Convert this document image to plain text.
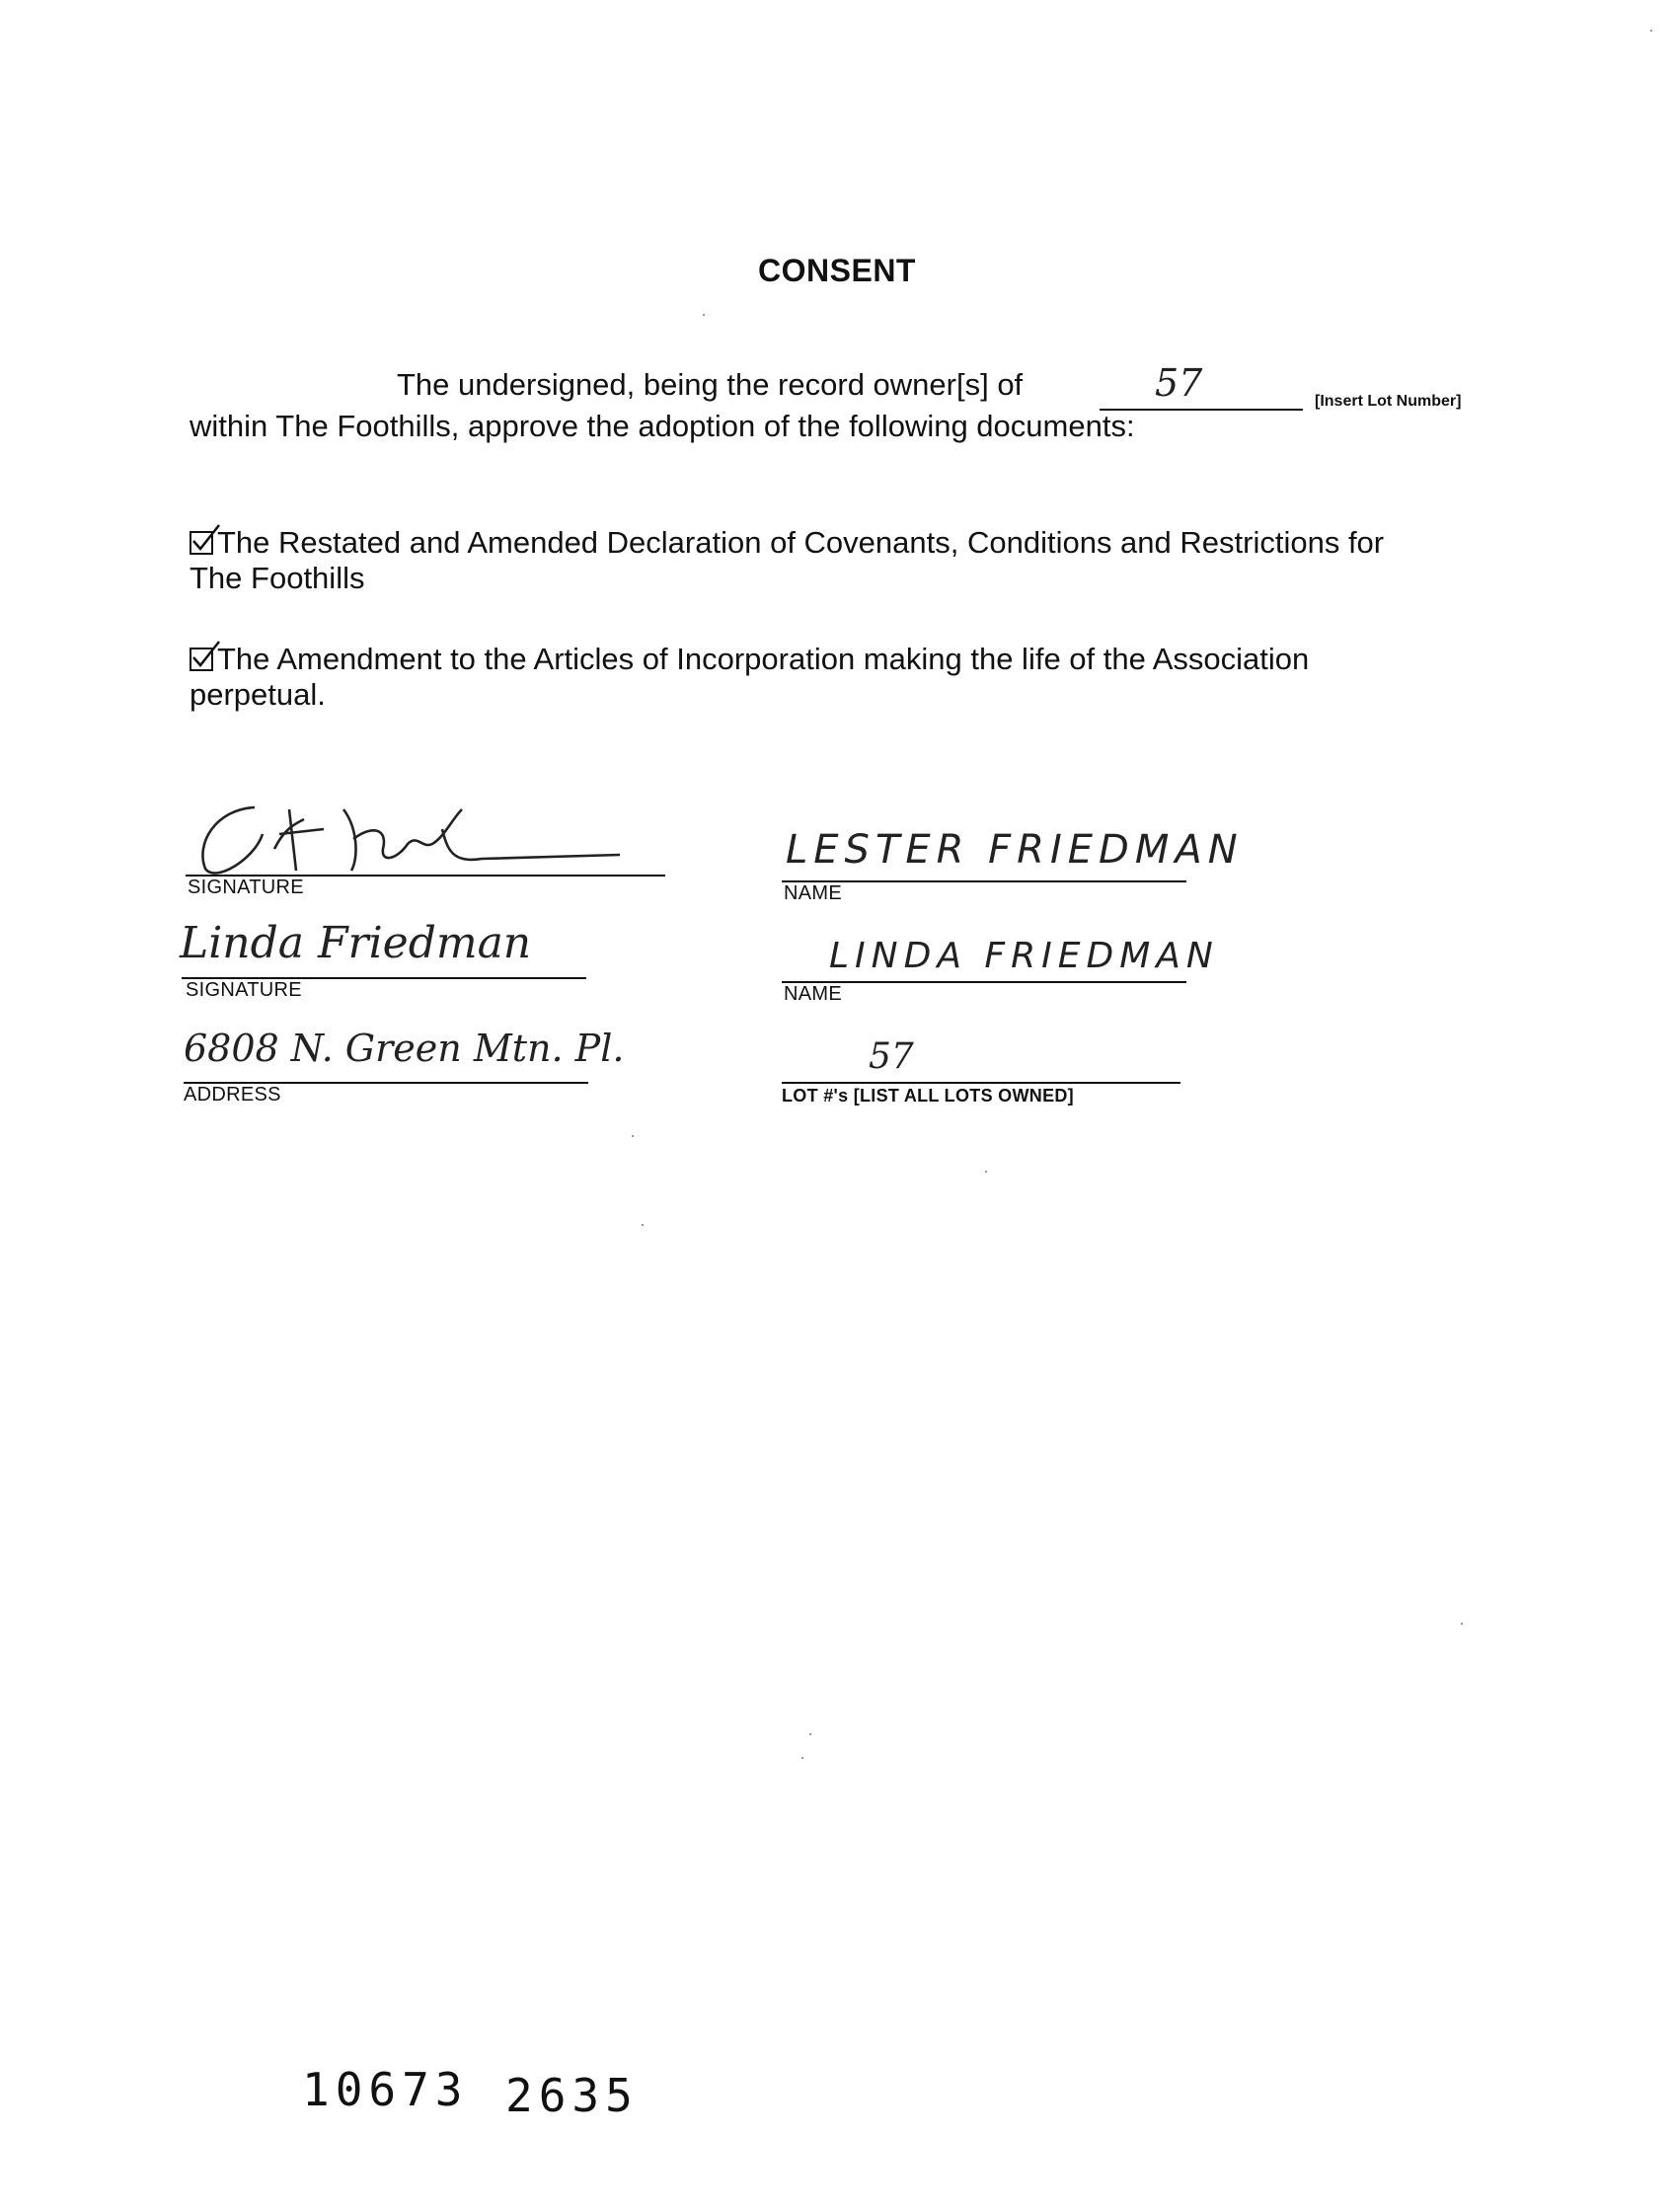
CONSENT
The undersigned, being the record owner[s] of	57	[Insert Lot Number]
within The Foothills, approve the adoption of the following documents:
The Restated and Amended Declaration of Covenants, Conditions and Restrictions for
The Foothills
The Amendment to the Articles of Incorporation making the life of the Association
perpetual.
SIGNATURE
Linda Friedman
SIGNATURE
6808 N. Green Mtn. Pl.
ADDRESS
LESTER FRIEDMAN
NAME
LINDA FRIEDMAN
NAME
57
LOT #'s [LIST ALL LOTS OWNED]
10673 2635
